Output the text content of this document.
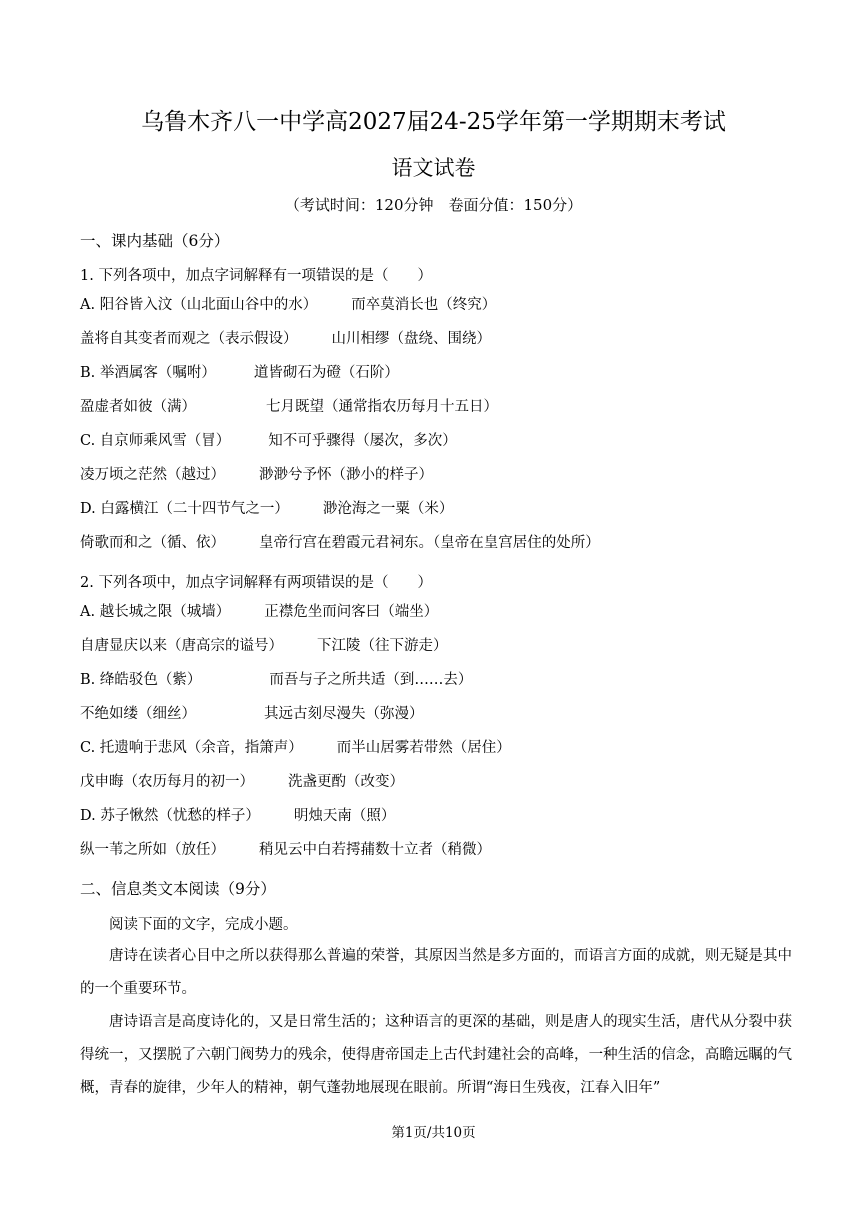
乌鲁木齐八一中学高2027届24-25学年第一学期期末考试
语文试卷
（考试时间：120分钟　卷面分值：150分）
一、课内基础（6分）
1. 下列各项中，加点字词解释有一项错误的是（　　）
A. 阳谷皆入汶（山北面山谷中的水） 而卒莫消长也（终究）
盖将自其变者而观之（表示假设） 山川相缪（盘绕、围绕）
B. 举酒属客（嘱咐）	道皆砌石为磴（石阶）
盈虚者如彼（满）	七月既望（通常指农历每月十五日）
C. 自京师乘风雪（冒）	知不可乎骤得（屡次，多次）
凌万顷之茫然（越过） 渺渺兮予怀（渺小的样子）
D. 白露横江（二十四节气之一） 渺沧海之一粟（米）
倚歌而和之（循、依） 皇帝行宫在碧霞元君祠东。（皇帝在皇宫居住的处所）
2. 下列各项中，加点字词解释有两项错误的是（　　）
A. 越长城之限（城墙） 正襟危坐而问客曰（端坐）
自唐显庆以来（唐高宗的谥号） 下江陵（往下游走）
B. 绛皓驳色（紫）	而吾与子之所共适（到……去）
不绝如缕（细丝）	其远古刻尽漫失（弥漫）
C. 托遗响于悲风（余音，指箫声） 而半山居雾若带然（居住）
戊申晦（农历每月的初一） 洗盏更酌（改变）
D. 苏子愀然（忧愁的样子） 明烛天南（照）
纵一苇之所如（放任） 稍见云中白若摴蒱数十立者（稍微）
二、信息类文本阅读（9分）
阅读下面的文字，完成小题。
唐诗在读者心目中之所以获得那么普遍的荣誉，其原因当然是多方面的，而语言方面的成就，则无疑是其中的一个重要环节。
唐诗语言是高度诗化的，又是日常生活的；这种语言的更深的基础，则是唐人的现实生活，唐代从分裂中获得统一，又摆脱了六朝门阀势力的残余，使得唐帝国走上古代封建社会的高峰，一种生活的信念，高瞻远瞩的气概，青春的旋律，少年人的精神，朝气蓬勃地展现在眼前。所谓“海日生残夜，江春入旧年”
第1页/共10页
